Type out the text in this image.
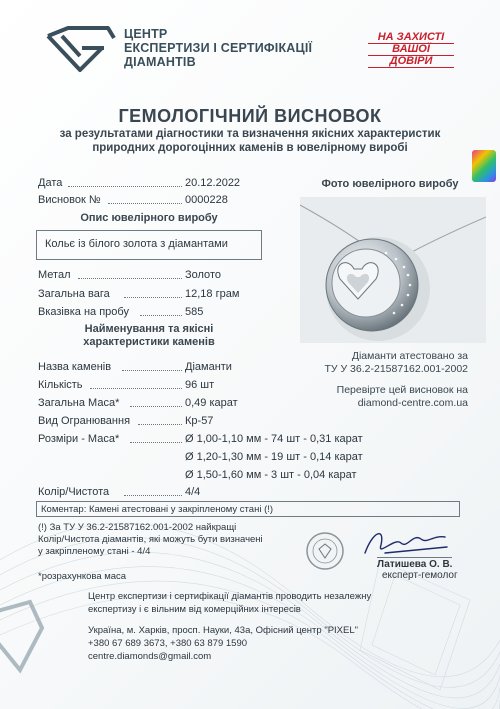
ЦЕНТР
ЕКСПЕРТИЗИ І СЕРТИФІКАЦІЇ
ДІАМАНТІВ
НА ЗАХИСТІ
ВАШОЇ
ДОВІРИ
ГЕМОЛОГІЧНИЙ ВИСНОВОК
за результатами діагностики та визначення якісних характеристик
природних дорогоцінних каменів в ювелірному виробі
Дата	20.12.2022
Висновок №	0000228
Опис ювелірного виробу
Кольє із білого золота з діамантами
Метал	Золото
Загальна вага	12,18 грам
Вказівка на пробу	585
Фото ювелірного виробу
Найменування та якісні
характеристики каменів
Назва каменів	Діаманти
Кількість	96 шт
Загальна Маса*	0,49 карат
Вид Огранювання	Кр-57
Розміри - Маса*	Ø 1,00-1,10 мм - 74 шт - 0,31 карат
Ø 1,20-1,30 мм - 19 шт - 0,14 карат
Ø 1,50-1,60 мм - 3 шт - 0,04 карат
Колір/Чистота	4/4
Діаманти атестовано за
ТУ У 36.2-21587162.001-2002
Перевірте цей висновок на
diamond-centre.com.ua
Коментар: Камені атестовані у закріпленому стані (!)
(!) За ТУ У 36.2-21587162.001-2002 найкращі
Колір/Чистота діамантів, які можуть бути визначені
у закріпленому стані - 4/4
*розрахункова маса
Латишева О. В.
експерт-гемолог
Центр експертизи і сертифікації діамантів проводить незалежну
експертизу і є вільним від комерційних інтересів
Україна, м. Харків, просп. Науки, 43а, Офісний центр "PIXEL"
+380 67 689 3673, +380 63 879 1590
centre.diamonds@gmail.com
